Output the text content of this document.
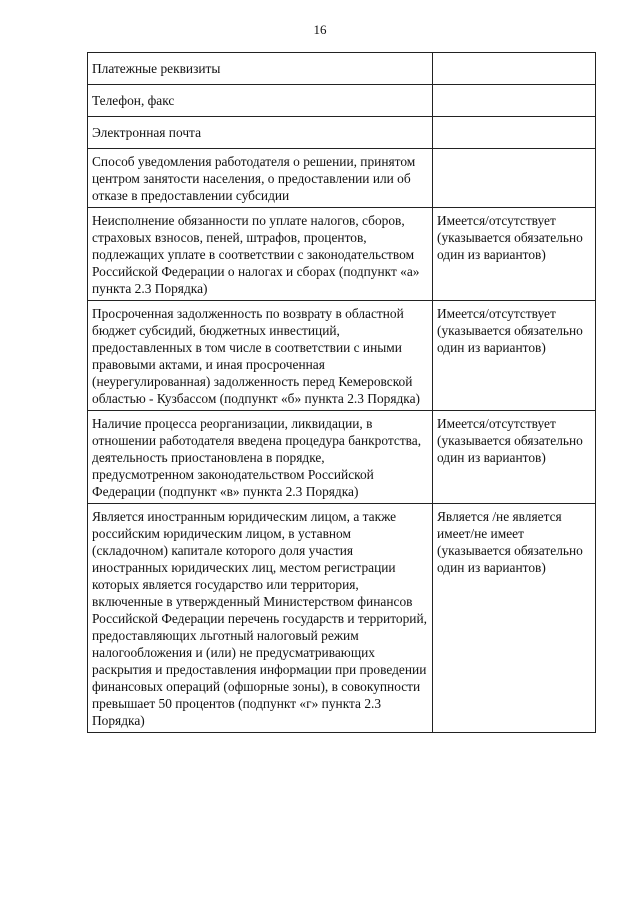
16
Платежные реквизиты	
Телефон, факс	
Электронная почта	
Способ уведомления работодателя о решении, принятом центром занятости населения, о предоставлении или об отказе в предоставлении субсидии	
Неисполнение обязанности по уплате налогов, сборов, страховых взносов, пеней, штрафов, процентов, подлежащих уплате в соответствии с законодательством Российской Федерации о налогах и сборах (подпункт «а» пункта 2.3 Порядка)	Имеется/отсутствует (указывается обязательно один из вариантов)
Просроченная задолженность по возврату в областной бюджет субсидий, бюджетных инвестиций, предоставленных в том числе в соответствии с иными правовыми актами, и иная просроченная (неурегулированная) задолженность перед Кемеровской областью - Кузбассом (подпункт «б» пункта 2.3 Порядка)	Имеется/отсутствует (указывается обязательно один из вариантов)
Наличие процесса реорганизации, ликвидации, в отношении работодателя введена процедура банкротства, деятельность приостановлена в порядке, предусмотренном законодательством Российской Федерации (подпункт «в» пункта 2.3 Порядка)	Имеется/отсутствует (указывается обязательно один из вариантов)
Является иностранным юридическим лицом, а также российским юридическим лицом, в уставном (складочном) капитале которого доля участия иностранных юридических лиц, местом регистрации которых является государство или территория, включенные в утвержденный Министерством финансов Российской Федерации перечень государств и территорий, предоставляющих льготный налоговый режим налогообложения и (или) не предусматривающих раскрытия и предоставления информации при проведении финансовых операций (офшорные зоны), в совокупности превышает 50 процентов (подпункт «г» пункта 2.3 Порядка)	Является /не является имеет/не имеет (указывается обязательно один из вариантов)
